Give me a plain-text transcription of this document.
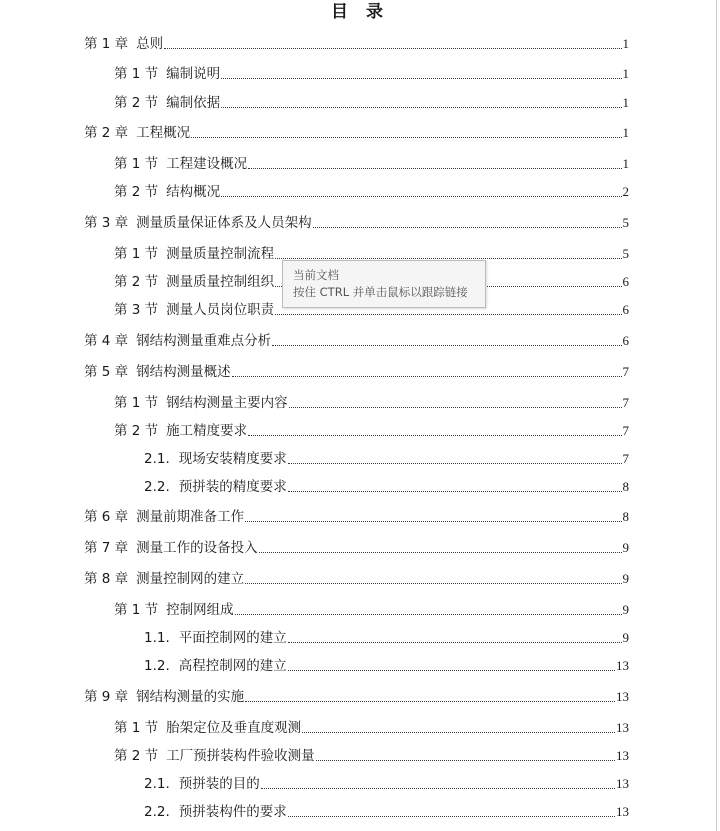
目 录
第 1 章 总则	1
第 1 节 编制说明	1
第 2 节 编制依据	1
第 2 章 工程概况	1
第 1 节 工程建设概况	1
第 2 节 结构概况	2
第 3 章 测量质量保证体系及人员架构	5
第 1 节 测量质量控制流程	5
第 2 节 测量质量控制组织	6
第 3 节 测量人员岗位职责	6
第 4 章 钢结构测量重难点分析	6
第 5 章 钢结构测量概述	7
第 1 节 钢结构测量主要内容	7
第 2 节 施工精度要求	7
2.1. 现场安装精度要求	7
2.2. 预拼装的精度要求	8
第 6 章 测量前期准备工作	8
第 7 章 测量工作的设备投入	9
第 8 章 测量控制网的建立	9
第 1 节 控制网组成	9
1.1. 平面控制网的建立	9
1.2. 高程控制网的建立	13
第 9 章 钢结构测量的实施	13
第 1 节 胎架定位及垂直度观测	13
第 2 节 工厂预拼装构件验收测量	13
2.1. 预拼装的目的	13
2.2. 预拼装构件的要求	13
当前文档
按住 CTRL 并单击鼠标以跟踪链接
